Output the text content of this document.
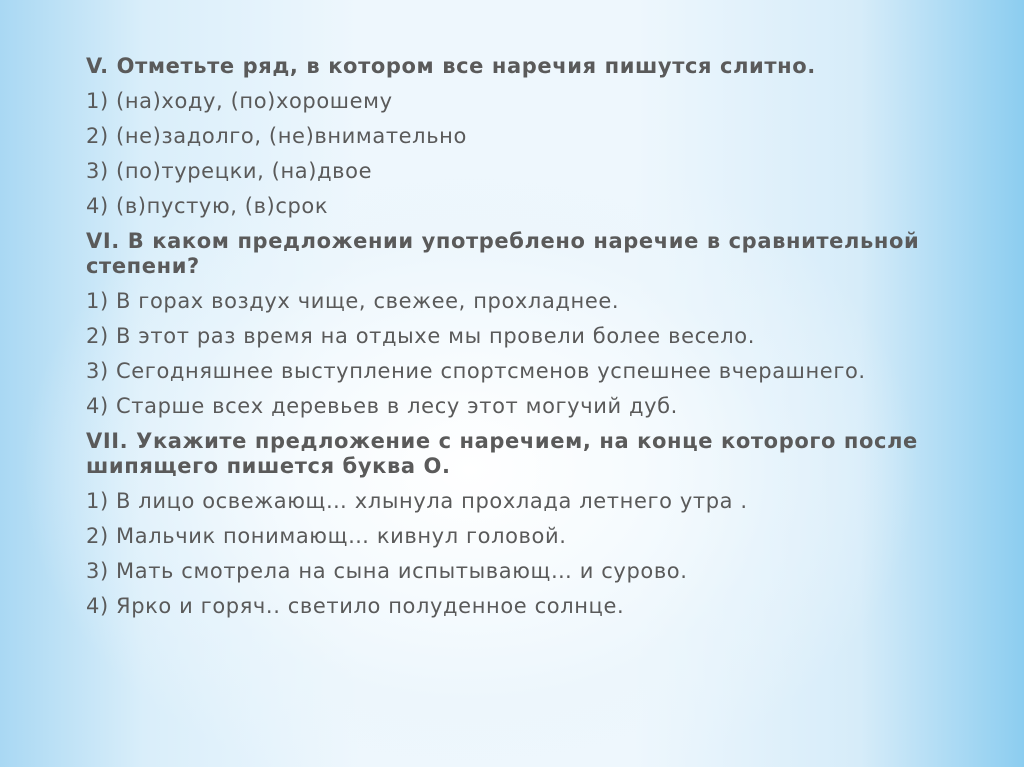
V. Отметьте ряд, в котором все наречия пишутся слитно.
1) (на)ходу, (по)хорошему
2) (не)задолго, (не)внимательно
3) (по)турецки, (на)двое
4) (в)пустую, (в)срок
VI. В каком предложении употреблено наречие в сравнительной степени?
1) В горах воздух чище, свежее, прохладнее.
2) В этот раз время на отдыхе мы провели более весело.
3) Сегодняшнее выступление спортсменов успешнее вчерашнего.
4) Старше всех деревьев в лесу этот могучий дуб.
VII. Укажите предложение с наречием, на конце которого после шипящего пишется буква О.
1) В лицо освежающ… хлынула прохлада летнего утра .
2) Мальчик понимающ… кивнул головой.
3) Мать смотрела на сына испытывающ… и сурово.
4) Ярко и горяч.. светило полуденное солнце.
